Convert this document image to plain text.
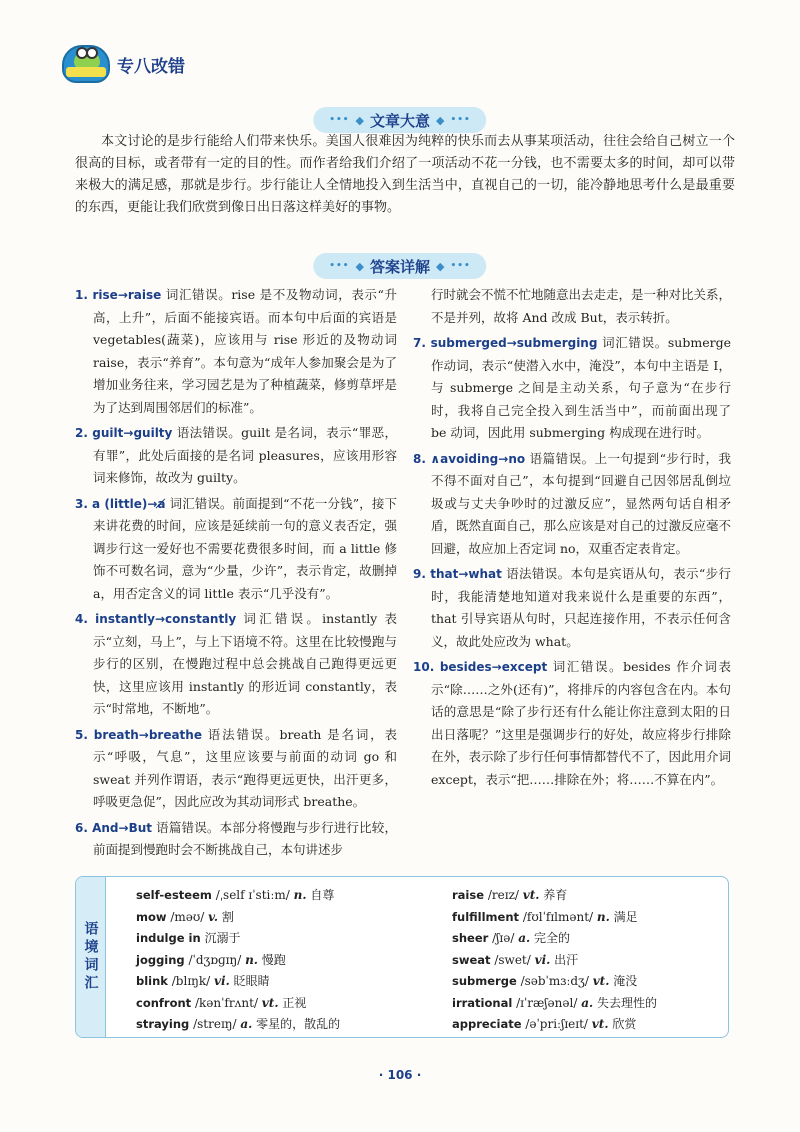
专八改错
••• ◆ 文章大意 ◆ •••

本文讨论的是步行能给人们带来快乐。美国人很难因为纯粹的快乐而去从事某项活动，往往会给自己树立一个很高的目标，或者带有一定的目的性。而作者给我们介绍了一项活动不花一分钱，也不需要太多的时间，却可以带来极大的满足感，那就是步行。步行能让人全情地投入到生活当中，直视自己的一切，能冷静地思考什么是最重要的东西，更能让我们欣赏到像日出日落这样美好的事物。

••• ◆ 答案详解 ◆ •••

1. rise→raise 词汇错误。rise 是不及物动词，表示“升高，上升”，后面不能接宾语。而本句中后面的宾语是 vegetables(蔬菜)，应该用与 rise 形近的及物动词 raise，表示“养育”。本句意为“成年人参加聚会是为了增加业务往来，学习园艺是为了种植蔬菜，修剪草坪是为了达到周围邻居们的标准”。

2. guilt→guilty 语法错误。guilt 是名词，表示“罪恶，有罪”，此处后面接的是名词 pleasures，应该用形容词来修饰，故改为 guilty。

3. a (little)→a̸ 词汇错误。前面提到“不花一分钱”，接下来讲花费的时间，应该是延续前一句的意义表否定，强调步行这一爱好也不需要花费很多时间，而 a little 修饰不可数名词，意为“少量，少许”，表示肯定，故删掉 a，用否定含义的词 little 表示“几乎没有”。

4. instantly→constantly 词汇错误。instantly 表示“立刻，马上”，与上下语境不符。这里在比较慢跑与步行的区别，在慢跑过程中总会挑战自己跑得更远更快，这里应该用 instantly 的形近词 constantly，表示“时常地，不断地”。

5. breath→breathe 语法错误。breath 是名词，表示“呼吸，气息”，这里应该要与前面的动词 go 和 sweat 并列作谓语，表示“跑得更远更快，出汗更多，呼吸更急促”，因此应改为其动词形式 breathe。

6. And→But 语篇错误。本部分将慢跑与步行进行比较，前面提到慢跑时会不断挑战自己，本句讲述步

行时就会不慌不忙地随意出去走走，是一种对比关系，不是并列，故将 And 改成 But，表示转折。

7. submerged→submerging 词汇错误。submerge 作动词，表示“使潜入水中，淹没”，本句中主语是 I，与 submerge 之间是主动关系，句子意为“在步行时，我将自己完全投入到生活当中”，而前面出现了 be 动词，因此用 submerging 构成现在进行时。

8. ∧avoiding→no 语篇错误。上一句提到“步行时，我不得不面对自己”，本句提到“回避自己因邻居乱倒垃圾或与丈夫争吵时的过激反应”，显然两句话自相矛盾，既然直面自己，那么应该是对自己的过激反应毫不回避，故应加上否定词 no，双重否定表肯定。

9. that→what 语法错误。本句是宾语从句，表示“步行时，我能清楚地知道对我来说什么是重要的东西”，that 引导宾语从句时，只起连接作用，不表示任何含义，故此处应改为 what。

10. besides→except 词汇错误。besides 作介词表示“除……之外(还有)”，将排斥的内容包含在内。本句话的意思是“除了步行还有什么能让你注意到太阳的日出日落呢？”这里是强调步行的好处，故应将步行排除在外，表示除了步行任何事情都替代不了，因此用介词 except，表示“把……排除在外；将……不算在内”。

语境词汇
self-esteem /ˌself ɪˈstiːm/ n. 自尊
mow /məʊ/ v. 割
indulge in 沉溺于
jogging /ˈdʒɒɡɪŋ/ n. 慢跑
blink /blɪŋk/ vi. 眨眼睛
confront /kənˈfrʌnt/ vt. 正视
straying /streɪŋ/ a. 零星的，散乱的
raise /reɪz/ vt. 养育
fulfillment /fʊlˈfɪlmənt/ n. 满足
sheer /ʃɪə/ a. 完全的
sweat /swet/ vi. 出汗
submerge /səbˈmɜːdʒ/ vt. 淹没
irrational /ɪˈræʃənəl/ a. 失去理性的
appreciate /əˈpriːʃɪeɪt/ vt. 欣赏
· 106 ·
